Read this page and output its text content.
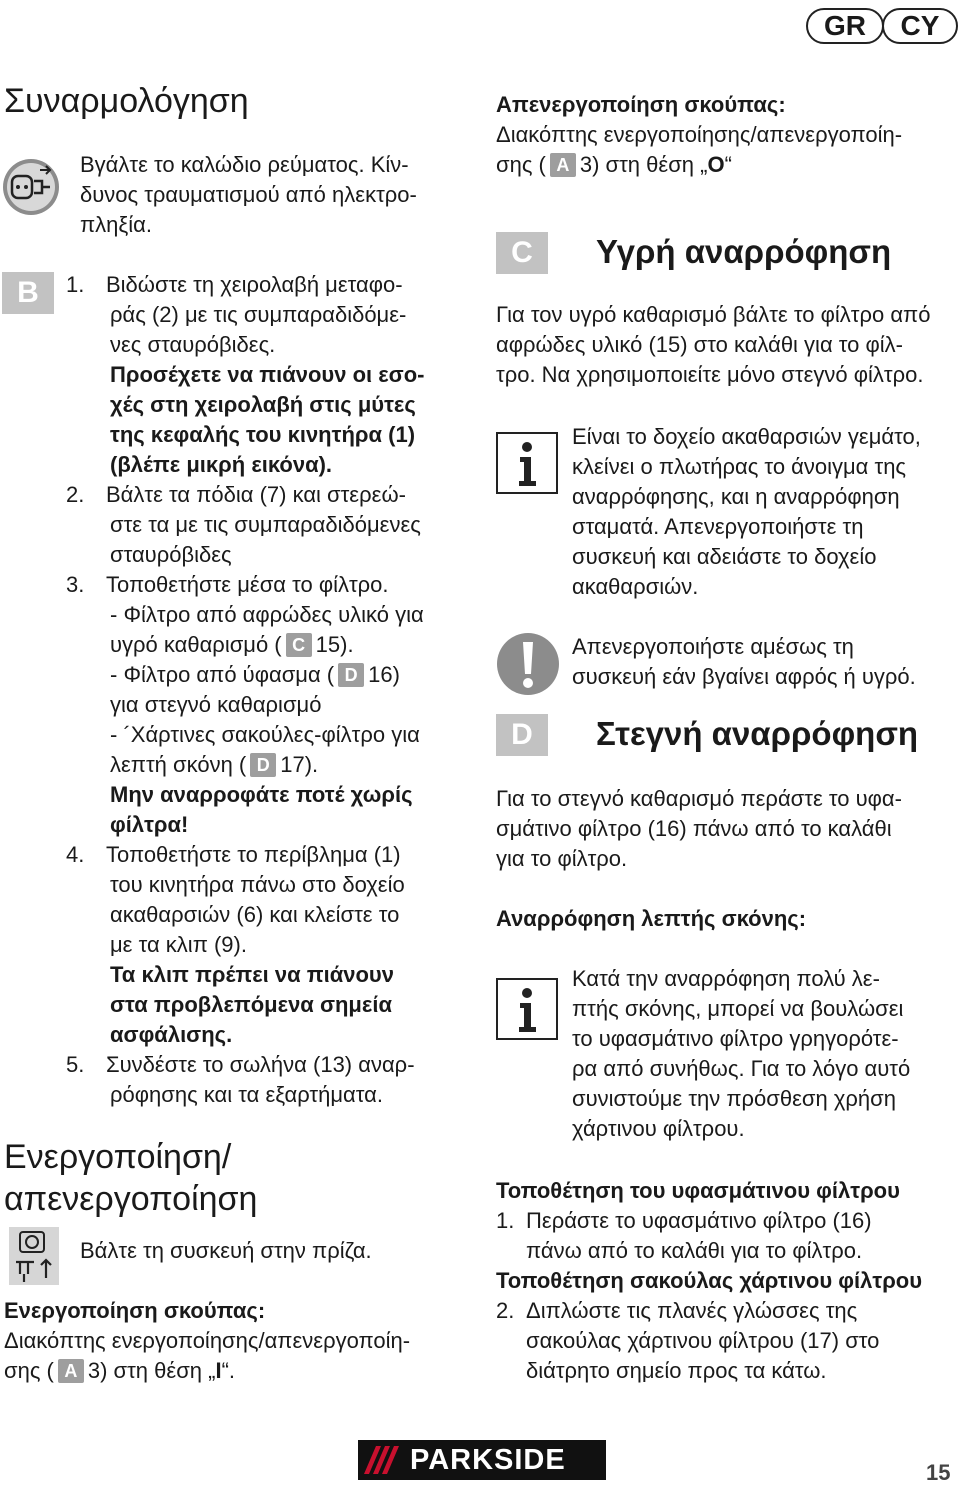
GR	CY
Συναρμολόγηση
Βγάλτε το καλώδιο ρεύματος. Κίν-
δυνος τραυματισμού από ηλεκτρο-
πληξία.
B	1. Βιδώστε τη χειρολαβή μεταφο-
ράς (2) με τις συμπαραδιδόμε-
νες σταυρόβιδες.
Προσέχετε να πιάνουν οι εσο-
χές στη χειρολαβή στις μύτες
της κεφαλής του κινητήρα (1)
(βλέπε μικρή εικόνα).
2. Βάλτε τα πόδια (7) και στερεώ-
στε τα με τις συμπαραδιδόμενες
σταυρόβιδες
3. Τοποθετήστε μέσα το φίλτρο.
- Φίλτρο από αφρώδες υλικό για
υγρό καθαρισμό ( C 15).
- Φίλτρο από ύφασμα ( D 16)
για στεγνό καθαρισμό
- ´Χάρτινες σακούλες-φίλτρο για
λεπτή σκόνη ( D 17).
Μην αναρροφάτε ποτέ χωρίς
φίλτρα!
4. Τοποθετήστε το περίβλημα (1)
του κινητήρα πάνω στο δοχείο
ακαθαρσιών (6) και κλείστε το
με τα κλιπ (9).
Τα κλιπ πρέπει να πιάνουν
στα προβλεπόμενα σημεία
ασφάλισης.
5. Συνδέστε το σωλήνα (13) αναρ-
ρόφησης και τα εξαρτήματα.
Ενεργοποίηση/
απενεργοποίηση
Βάλτε τη συσκευή στην πρίζα.
Ενεργοποίηση σκούπας:
Διακόπτης ενεργοποίησης/απενεργοποίη-
σης ( A 3) στη θέση „I“.
Απενεργοποίηση σκούπας:
Διακόπτης ενεργοποίησης/απενεργοποίη-
σης ( A 3) στη θέση „O“
C	Υγρή αναρρόφηση
Για τον υγρό καθαρισμό βάλτε το φίλτρο από
αφρώδες υλικό (15) στο καλάθι για το φίλ-
τρο. Να χρησιμοποιείτε μόνο στεγνό φίλτρο.
Είναι το δοχείο ακαθαρσιών γεμάτο,
κλείνει ο πλωτήρας το άνοιγμα της
αναρρόφησης, και η αναρρόφηση
σταματά. Απενεργοποιήστε τη
συσκευή και αδειάστε το δοχείο
ακαθαρσιών.
Απενεργοποιήστε αμέσως τη
συσκευή εάν βγαίνει αφρός ή υγρό.
D	Στεγνή αναρρόφηση
Για το στεγνό καθαρισμό περάστε το υφα-
σμάτινο φίλτρο (16) πάνω από το καλάθι
για το φίλτρο.
Αναρρόφηση λεπτής σκόνης:
Κατά την αναρρόφηση πολύ λε-
πτής σκόνης, μπορεί να βουλώσει
το υφασμάτινο φίλτρο γρηγορότε-
ρα από συνήθως. Για το λόγο αυτό
συνιστούμε την πρόσθεση χρήση
χάρτινου φίλτρου.
Τοποθέτηση του υφασμάτινου φίλτρου
1. Περάστε το υφασμάτινο φίλτρο (16)
πάνω από το καλάθι για το φίλτρο.
Τοποθέτηση σακούλας χάρτινου φίλτρου
2. Διπλώστε τις πλανές γλώσσες της
σακούλας χάρτινου φίλτρου (17) στο
διάτρητο σημείο προς τα κάτω.
PARKSIDE	15
